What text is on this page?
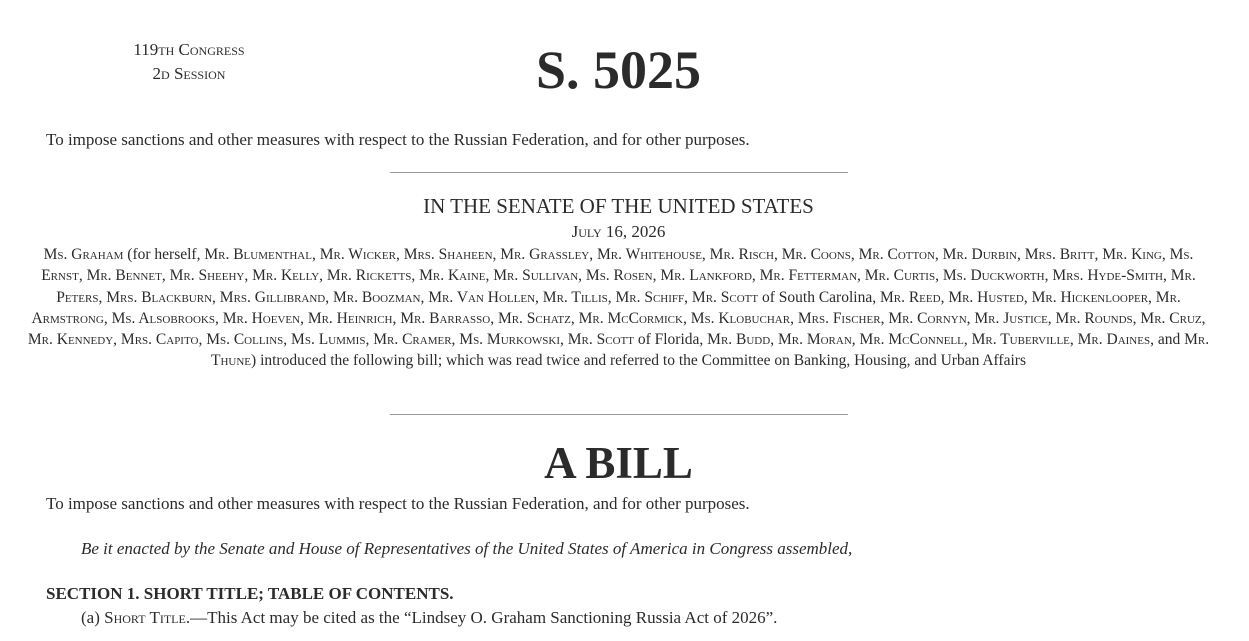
119th Congress
2d Session	S. 5025
To impose sanctions and other measures with respect to the Russian Federation, and for other purposes.
IN THE SENATE OF THE UNITED STATES
July 16, 2026
Ms. Graham (for herself, Mr. Blumenthal, Mr. Wicker, Mrs. Shaheen, Mr. Grassley, Mr. Whitehouse, Mr. Risch, Mr. Coons, Mr. Cotton, Mr. Durbin, Mrs. Britt, Mr. King, Ms. Ernst, Mr. Bennet, Mr. Sheehy, Mr. Kelly, Mr. Ricketts, Mr. Kaine, Mr. Sullivan, Ms. Rosen, Mr. Lankford, Mr. Fetterman, Mr. Curtis, Ms. Duckworth, Mrs. Hyde-Smith, Mr. Peters, Mrs. Blackburn, Mrs. Gillibrand, Mr. Boozman, Mr. Van Hollen, Mr. Tillis, Mr. Schiff, Mr. Scott of South Carolina, Mr. Reed, Mr. Husted, Mr. Hickenlooper, Mr. Armstrong, Ms. Alsobrooks, Mr. Hoeven, Mr. Heinrich, Mr. Barrasso, Mr. Schatz, Mr. McCormick, Ms. Klobuchar, Mrs. Fischer, Mr. Cornyn, Mr. Justice, Mr. Rounds, Mr. Cruz, Mr. Kennedy, Mrs. Capito, Ms. Collins, Ms. Lummis, Mr. Cramer, Ms. Murkowski, Mr. Scott of Florida, Mr. Budd, Mr. Moran, Mr. McConnell, Mr. Tuberville, Mr. Daines, and Mr. Thune) introduced the following bill; which was read twice and referred to the Committee on Banking, Housing, and Urban Affairs
A BILL
To impose sanctions and other measures with respect to the Russian Federation, and for other purposes.
Be it enacted by the Senate and House of Representatives of the United States of America in Congress assembled,
SECTION 1. SHORT TITLE; TABLE OF CONTENTS.
(a) Short Title.—This Act may be cited as the “Lindsey O. Graham Sanctioning Russia Act of 2026”.
